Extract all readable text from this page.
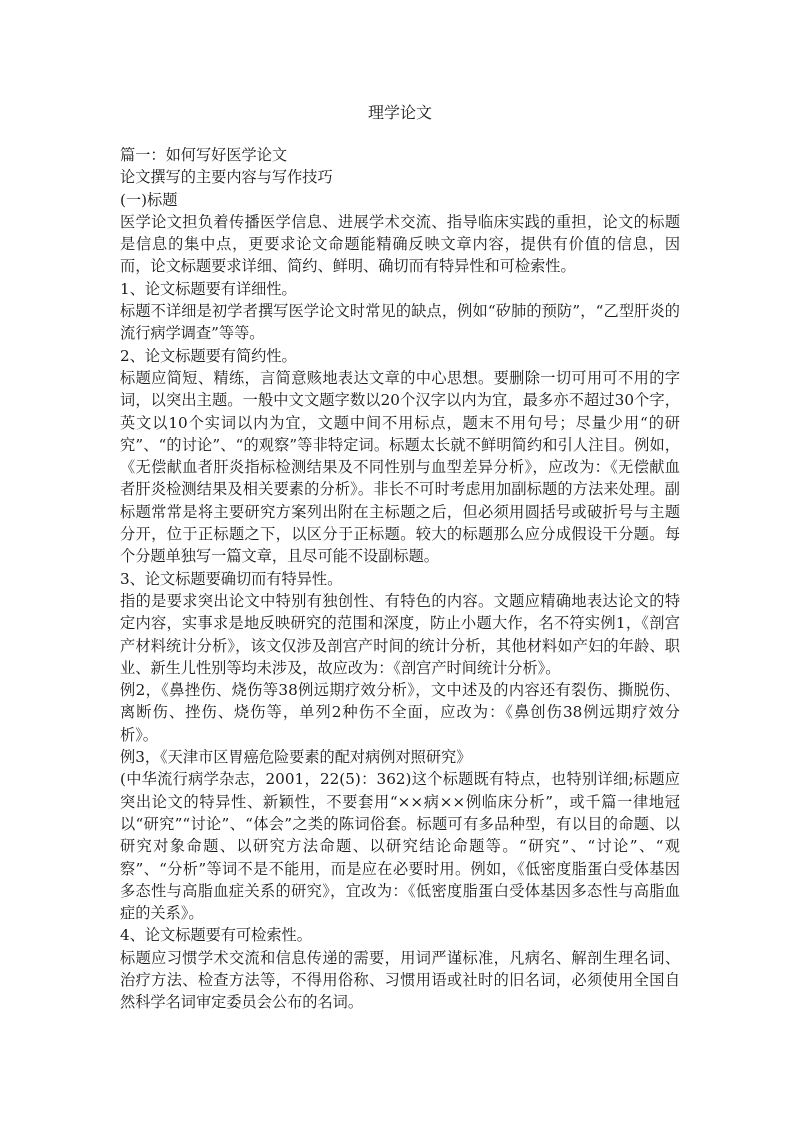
理学论文

篇一：如何写好医学论文

论文撰写的主要内容与写作技巧

(一)标题

医学论文担负着传播医学信息、进展学术交流、指导临床实践的重担，论文的标题是信息的集中点，更要求论文命题能精确反映文章内容，提供有价值的信息，因而，论文标题要求详细、简约、鲜明、确切而有特异性和可检索性。

1、论文标题要有详细性。

标题不详细是初学者撰写医学论文时常见的缺点，例如“矽肺的预防”，“乙型肝炎的流行病学调查”等等。

2、论文标题要有简约性。

标题应简短、精练，言简意赅地表达文章的中心思想。要删除一切可用可不用的字词，以突出主题。一般中文文题字数以20个汉字以内为宜，最多亦不超过30个字，英文以10个实词以内为宜，文题中间不用标点，题末不用句号；尽量少用“的研究”、“的讨论”、“的观察”等非特定词。标题太长就不鲜明简约和引人注目。例如，《无偿献血者肝炎指标检测结果及不同性别与血型差异分析》，应改为：《无偿献血者肝炎检测结果及相关要素的分析》。非长不可时考虑用加副标题的方法来处理。副标题常常是将主要研究方案列出附在主标题之后，但必须用圆括号或破折号与主题分开，位于正标题之下，以区分于正标题。较大的标题那么应分成假设干分题。每个分题单独写一篇文章，且尽可能不设副标题。

3、论文标题要确切而有特异性。

指的是要求突出论文中特别有独创性、有特色的内容。文题应精确地表达论文的特定内容，实事求是地反映研究的范围和深度，防止小题大作，名不符实例1，《剖宫产材料统计分析》，该文仅涉及剖宫产时间的统计分析，其他材料如产妇的年龄、职业、新生儿性别等均未涉及，故应改为：《剖宫产时间统计分析》。

例2，《鼻挫伤、烧伤等38例远期疗效分析》，文中述及的内容还有裂伤、撕脱伤、离断伤、挫伤、烧伤等，单列2种伤不全面，应改为：《鼻创伤38例远期疗效分析》。

例3，《天津市区胃癌危险要素的配对病例对照研究》

(中华流行病学杂志，2001，22(5)：362)这个标题既有特点，也特别详细;标题应突出论文的特异性、新颖性，不要套用“××病××例临床分析”，或千篇一律地冠以“研究”“讨论”、“体会”之类的陈词俗套。标题可有多品种型，有以目的命题、以研究对象命题、以研究方法命题、以研究结论命题等。“研究”、“讨论”、“观察”、“分析”等词不是不能用，而是应在必要时用。例如，《低密度脂蛋白受体基因多态性与高脂血症关系的研究》，宜改为：《低密度脂蛋白受体基因多态性与高脂血症的关系》。

4、论文标题要有可检索性。

标题应习惯学术交流和信息传递的需要，用词严谨标准，凡病名、解剖生理名词、治疗方法、检查方法等，不得用俗称、习惯用语或社时的旧名词，必须使用全国自然科学名词审定委员会公布的名词。
